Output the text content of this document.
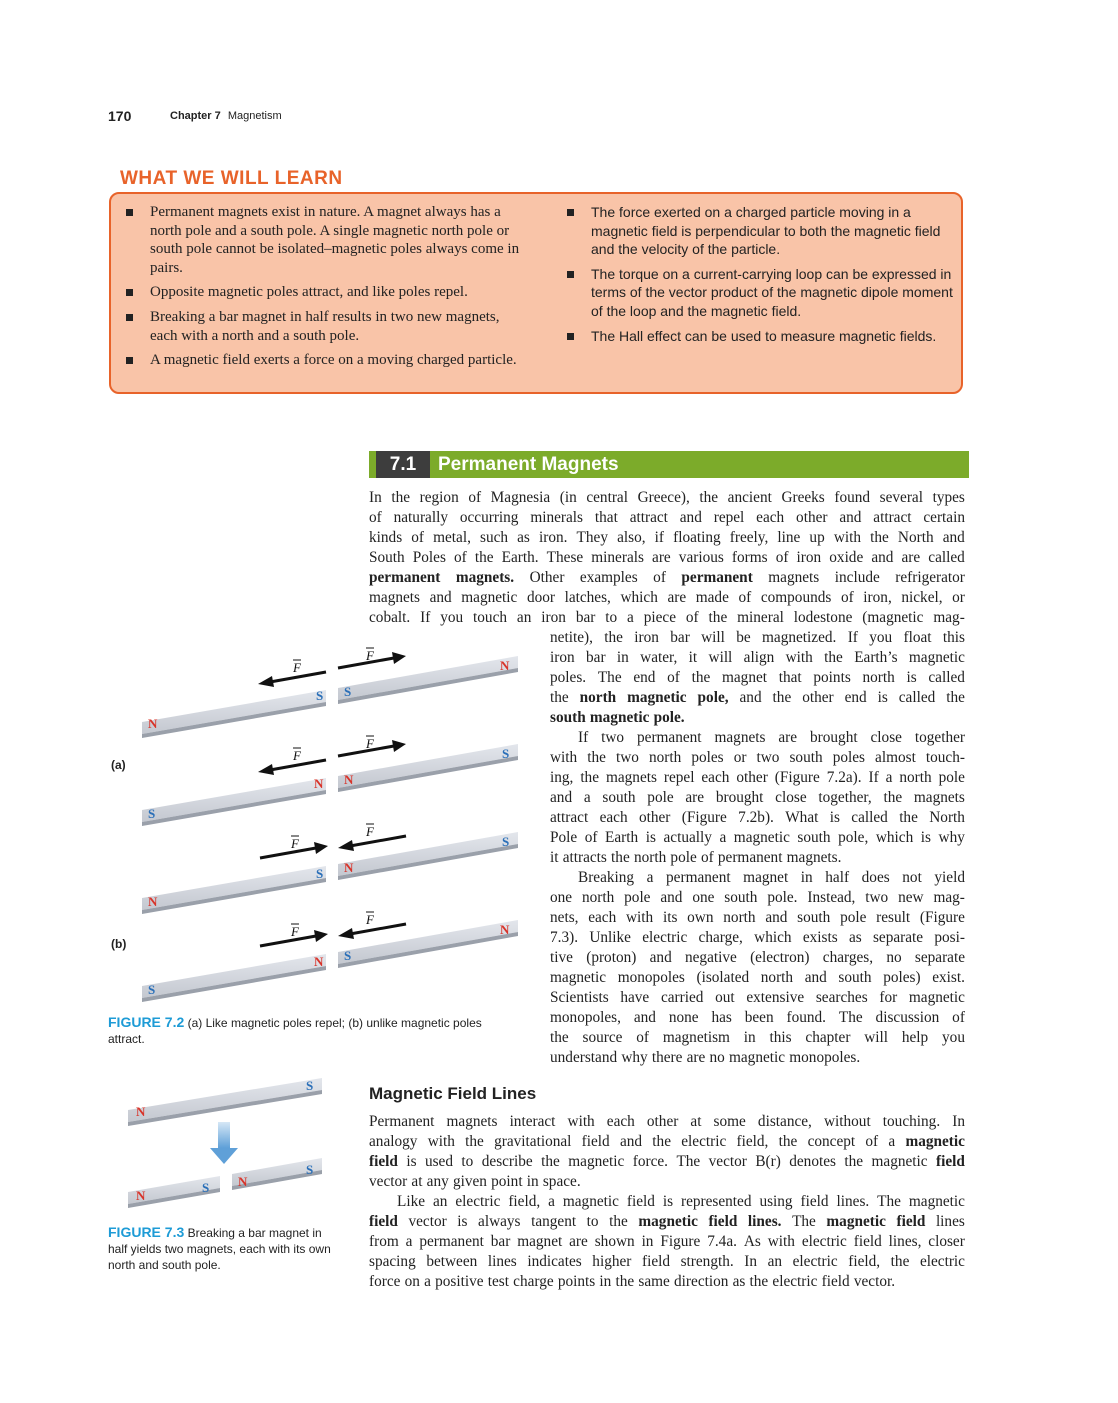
170	Chapter 7 Magnetism
WHAT WE WILL LEARN
Permanent magnets exist in nature. A magnet always has a north pole and a south pole. A single magnetic north pole or south pole cannot be isolated–magnetic poles always come in pairs.
Opposite magnetic poles attract, and like poles repel.
Breaking a bar magnet in half results in two new magnets, each with a north and a south pole.
A magnetic field exerts a force on a moving charged particle.
The force exerted on a charged particle moving in a magnetic field is perpendicular to both the magnetic field and the velocity of the particle.
The torque on a current-carrying loop can be expressed in terms of the vector product of the magnetic dipole moment of the loop and the magnetic field.
The Hall effect can be used to measure magnetic fields.
7.1	Permanent Magnets
In the region of Magnesia (in central Greece), the ancient Greeks found several types
of naturally occurring minerals that attract and repel each other and attract certain
kinds of metal, such as iron. They also, if floating freely, line up with the North and
South Poles of the Earth. These minerals are various forms of iron oxide and are called
permanent magnets. Other examples of permanent magnets include refrigerator
magnets and magnetic door latches, which are made of compounds of iron, nickel, or
cobalt. If you touch an iron bar to a piece of the mineral lodestone (magnetic mag-
netite), the iron bar will be magnetized. If you float this
iron bar in water, it will align with the Earth’s magnetic
poles. The end of the magnet that points north is called
the north magnetic pole, and the other end is called the
south magnetic pole.
If two permanent magnets are brought close together
with the two north poles or two south poles almost touch-
ing, the magnets repel each other (Figure 7.2a). If a north pole
and a south pole are brought close together, the magnets
attract each other (Figure 7.2b). What is called the North
Pole of Earth is actually a magnetic south pole, which is why
it attracts the north pole of permanent magnets.
Breaking a permanent magnet in half does not yield
one north pole and one south pole. Instead, two new mag-
nets, each with its own north and south pole result (Figure
7.3). Unlike electric charge, which exists as separate posi-
tive (proton) and negative (electron) charges, no separate
magnetic monopoles (isolated north and south poles) exist.
Scientists have carried out extensive searches for magnetic
monopoles, and none has been found. The discussion of
the source of magnetism in this chapter will help you
understand why there are no magnetic monopoles.
Magnetic Field Lines
Permanent magnets interact with each other at some distance, without touching. In
analogy with the gravitational field and the electric field, the concept of a magnetic
field is used to describe the magnetic force. The vector B(r) denotes the magnetic field
vector at any given point in space.
Like an electric field, a magnetic field is represented using field lines. The magnetic
field vector is always tangent to the magnetic field lines. The magnetic field lines
from a permanent bar magnet are shown in Figure 7.4a. As with electric field lines, closer
spacing between lines indicates higher field strength. In an electric field, the electric
force on a positive test charge points in the same direction as the electric field vector.
(a)
(b)
F
F
F
F
F
F
F
F
N
S S
N
S
N N
S
N
S N
S
S
N S
N
FIGURE 7.2 (a) Like magnetic poles repel; (b) unlike magnetic poles attract.
N
S
N
S N
S
FIGURE 7.3 Breaking a bar magnet in half yields two magnets, each with its own north and south pole.
